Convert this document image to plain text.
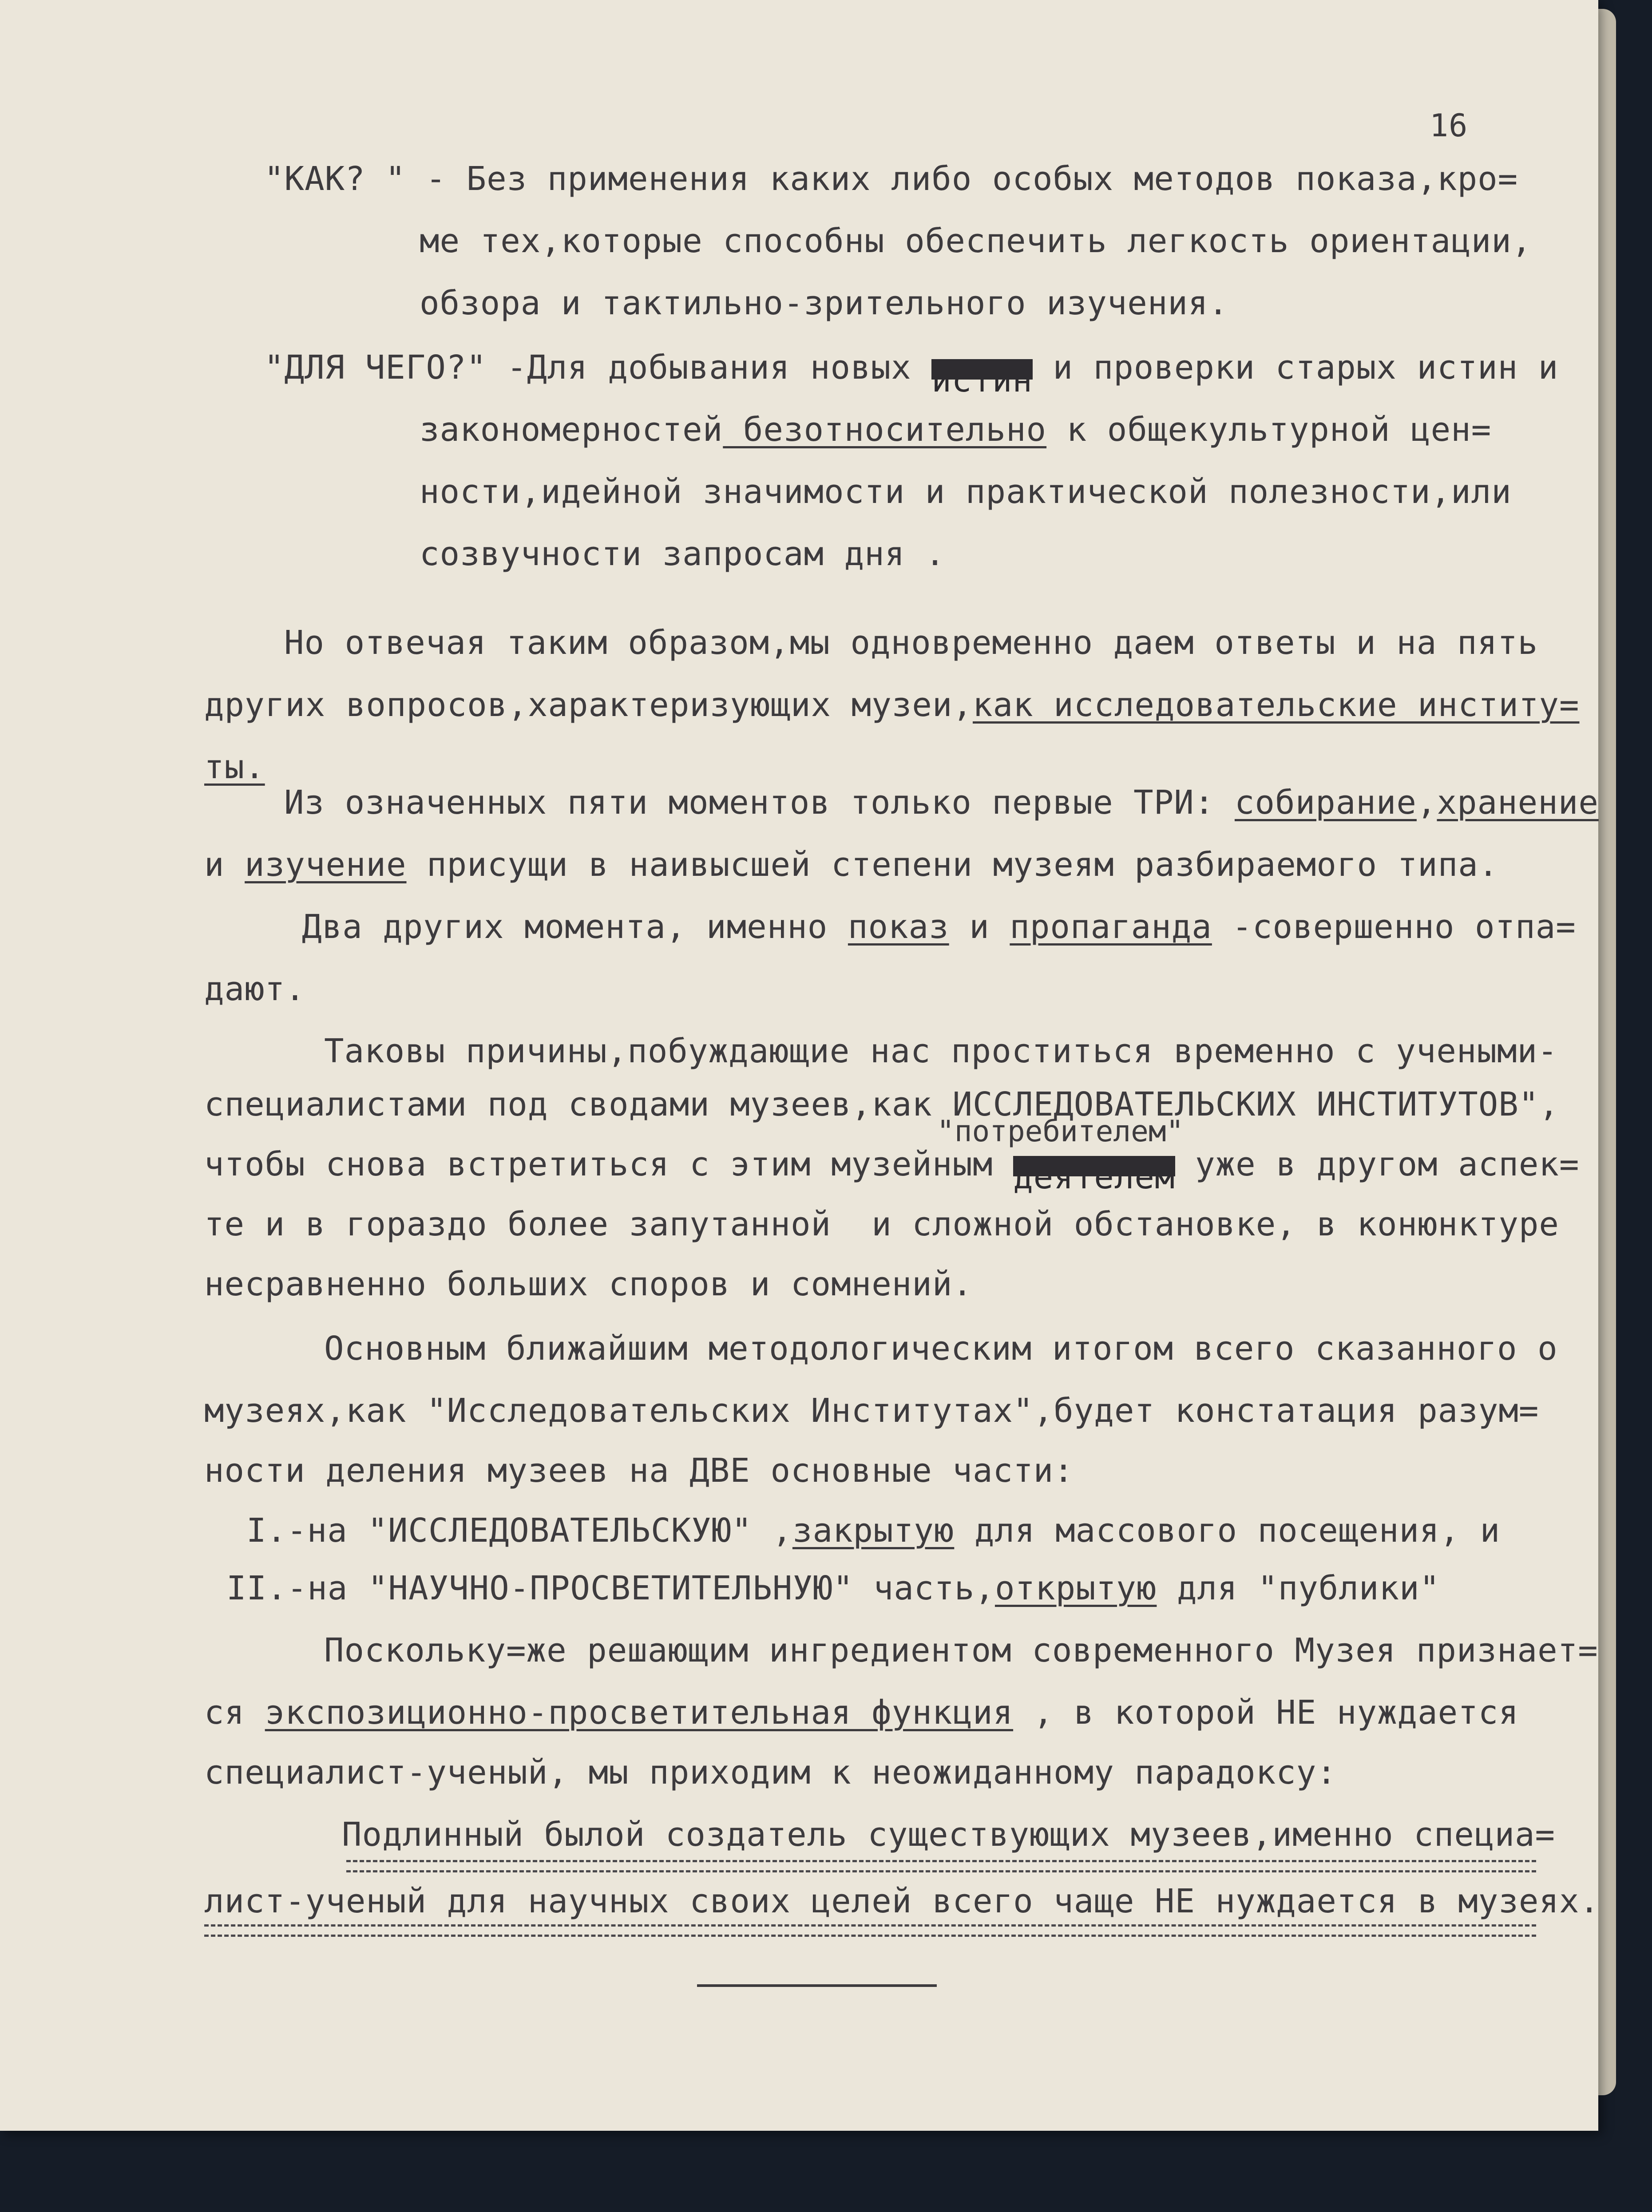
16
"КАК? " - Без применения каких либо особых методов показа,кро=
ме тех,которые способны обеспечить легкость ориентации,
обзора и тактильно-зрительного изучения.
"ДЛЯ ЧЕГО?" -Для добывания новых истин и проверки старых истин и
закономерностей безотносительно к общекультурной цен=
ности,идейной значимости и практической полезности,или
созвучности запросам дня .
Но отвечая таким образом,мы одновременно даем ответы и на пять
других вопросов,характеризующих музеи,как исследовательские институ=
ты.
Из означенных пяти моментов только первые ТРИ: собирание,хранение
и изучение присущи в наивысшей степени музеям разбираемого типа.
Два других момента, именно показ и пропаганда -совершенно отпа=
дают.
Таковы причины,побуждающие нас проститься временно с учеными-
специалистами под сводами музеев,как ИССЛЕДОВАТЕЛЬСКИХ ИНСТИТУТОВ",
"потребителем"
чтобы снова встретиться с этим музейным деятелем уже в другом аспек=
те и в гораздо более запутанной  и сложной обстановке, в конюнктуре
несравненно больших споров и сомнений.
Основным ближайшим методологическим итогом всего сказанного о
музеях,как "Исследовательских Институтах",будет констатация разум=
ности деления музеев на ДВЕ основные части:
I.-на "ИССЛЕДОВАТЕЛЬСКУЮ" ,закрытую для массового посещения, и
II.-на "НАУЧНО-ПРОСВЕТИТЕЛЬНУЮ" часть,открытую для "публики"
Поскольку=же решающим ингредиентом современного Музея признает=
ся экспозиционно-просветительная функция , в которой НЕ нуждается
специалист-ученый, мы приходим к неожиданному парадоксу:
Подлинный былой создатель существующих музеев,именно специа=
лист-ученый для научных своих целей всего чаще НЕ нуждается в музеях.
